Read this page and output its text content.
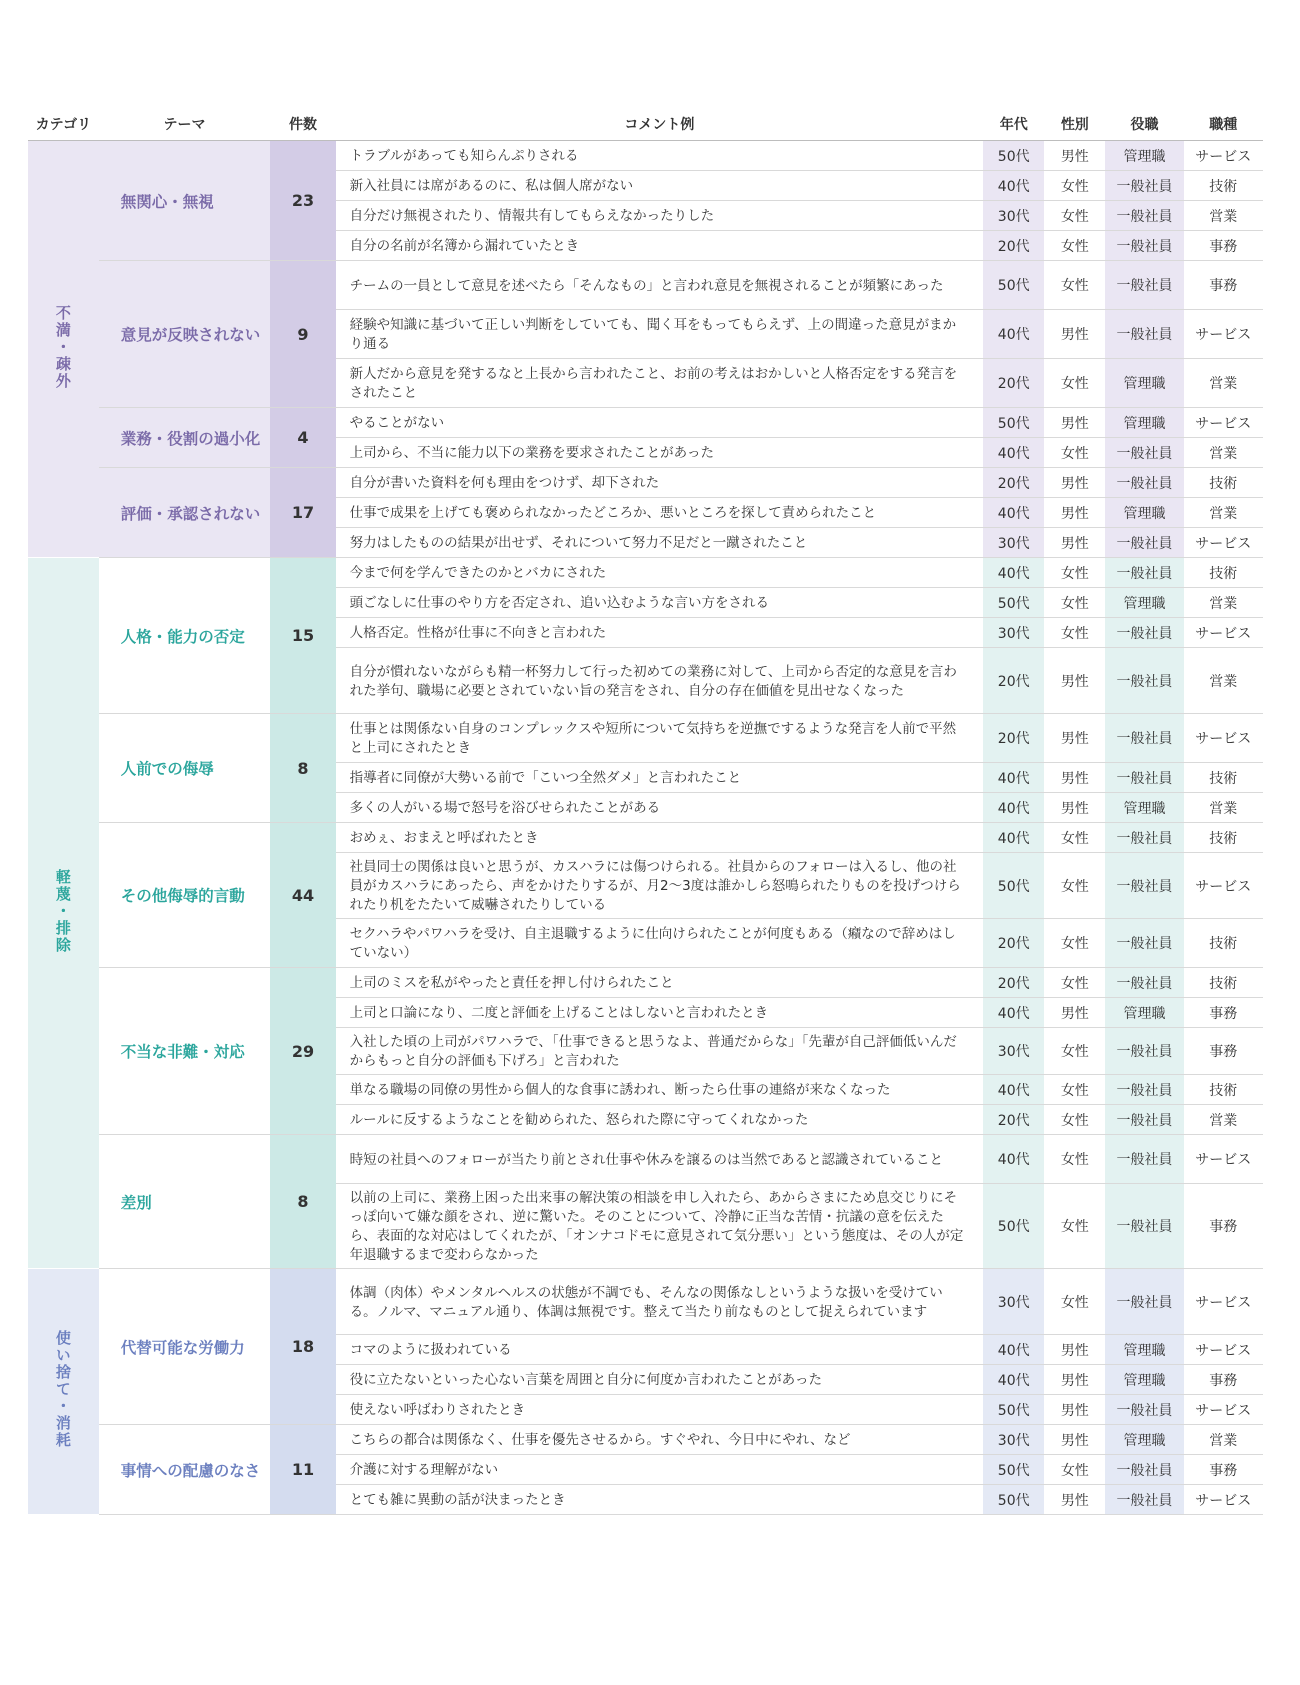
カテゴリ	テーマ	件数	コメント例	年代	性別	役職	職種
不満・疎外	無関心・無視	23	トラブルがあっても知らんぷりされる	50代	男性	管理職	サービス
			新入社員には席があるのに、私は個人席がない	40代	女性	一般社員	技術
			自分だけ無視されたり、情報共有してもらえなかったりした	30代	女性	一般社員	営業
			自分の名前が名簿から漏れていたとき	20代	女性	一般社員	事務
	意見が反映されない	9	チームの一員として意見を述べたら「そんなもの」と言われ意見を無視されることが頻繁にあった	50代	女性	一般社員	事務
			経験や知識に基づいて正しい判断をしていても、聞く耳をもってもらえず、上の間違った意見がまかり通る	40代	男性	一般社員	サービス
			新人だから意見を発するなと上長から言われたこと、お前の考えはおかしいと人格否定をする発言をされたこと	20代	女性	管理職	営業
	業務・役割の過小化	4	やることがない	50代	男性	管理職	サービス
			上司から、不当に能力以下の業務を要求されたことがあった	40代	女性	一般社員	営業
	評価・承認されない	17	自分が書いた資料を何も理由をつけず、却下された	20代	男性	一般社員	技術
			仕事で成果を上げても褒められなかったどころか、悪いところを探して責められたこと	40代	男性	管理職	営業
			努力はしたものの結果が出せず、それについて努力不足だと一蹴されたこと	30代	男性	一般社員	サービス
軽蔑・排除	人格・能力の否定	15	今まで何を学んできたのかとバカにされた	40代	女性	一般社員	技術
			頭ごなしに仕事のやり方を否定され、追い込むような言い方をされる	50代	女性	管理職	営業
			人格否定。性格が仕事に不向きと言われた	30代	女性	一般社員	サービス
			自分が慣れないながらも精一杯努力して行った初めての業務に対して、上司から否定的な意見を言われた挙句、職場に必要とされていない旨の発言をされ、自分の存在価値を見出せなくなった	20代	男性	一般社員	営業
	人前での侮辱	8	仕事とは関係ない自身のコンプレックスや短所について気持ちを逆撫でするような発言を人前で平然と上司にされたとき	20代	男性	一般社員	サービス
			指導者に同僚が大勢いる前で「こいつ全然ダメ」と言われたこと	40代	男性	一般社員	技術
			多くの人がいる場で怒号を浴びせられたことがある	40代	男性	管理職	営業
	その他侮辱的言動	44	おめぇ、おまえと呼ばれたとき	40代	女性	一般社員	技術
			社員同士の関係は良いと思うが、カスハラには傷つけられる。社員からのフォローは入るし、他の社員がカスハラにあったら、声をかけたりするが、月2〜3度は誰かしら怒鳴られたりものを投げつけられたり机をたたいて威嚇されたりしている	50代	女性	一般社員	サービス
			セクハラやパワハラを受け、自主退職するように仕向けられたことが何度もある（癪なので辞めはしていない）	20代	女性	一般社員	技術
	不当な非難・対応	29	上司のミスを私がやったと責任を押し付けられたこと	20代	女性	一般社員	技術
			上司と口論になり、二度と評価を上げることはしないと言われたとき	40代	男性	管理職	事務
			入社した頃の上司がパワハラで、「仕事できると思うなよ、普通だからな」「先輩が自己評価低いんだからもっと自分の評価も下げろ」と言われた	30代	女性	一般社員	事務
			単なる職場の同僚の男性から個人的な食事に誘われ、断ったら仕事の連絡が来なくなった	40代	女性	一般社員	技術
			ルールに反するようなことを勧められた、怒られた際に守ってくれなかった	20代	女性	一般社員	営業
	差別	8	時短の社員へのフォローが当たり前とされ仕事や休みを譲るのは当然であると認識されていること	40代	女性	一般社員	サービス
			以前の上司に、業務上困った出来事の解決策の相談を申し入れたら、あからさまにため息交じりにそっぽ向いて嫌な顔をされ、逆に驚いた。そのことについて、冷静に正当な苦情・抗議の意を伝えたら、表面的な対応はしてくれたが、「オンナコドモに意見されて気分悪い」という態度は、その人が定年退職するまで変わらなかった	50代	女性	一般社員	事務
使い捨て・消耗	代替可能な労働力	18	体調（肉体）やメンタルヘルスの状態が不調でも、そんなの関係なしというような扱いを受けている。ノルマ、マニュアル通り、体調は無視です。整えて当たり前なものとして捉えられています	30代	女性	一般社員	サービス
			コマのように扱われている	40代	男性	管理職	サービス
			役に立たないといった心ない言葉を周囲と自分に何度か言われたことがあった	40代	男性	管理職	事務
			使えない呼ばわりされたとき	50代	男性	一般社員	サービス
	事情への配慮のなさ	11	こちらの都合は関係なく、仕事を優先させるから。すぐやれ、今日中にやれ、など	30代	男性	管理職	営業
			介護に対する理解がない	50代	女性	一般社員	事務
			とても雑に異動の話が決まったとき	50代	男性	一般社員	サービス
